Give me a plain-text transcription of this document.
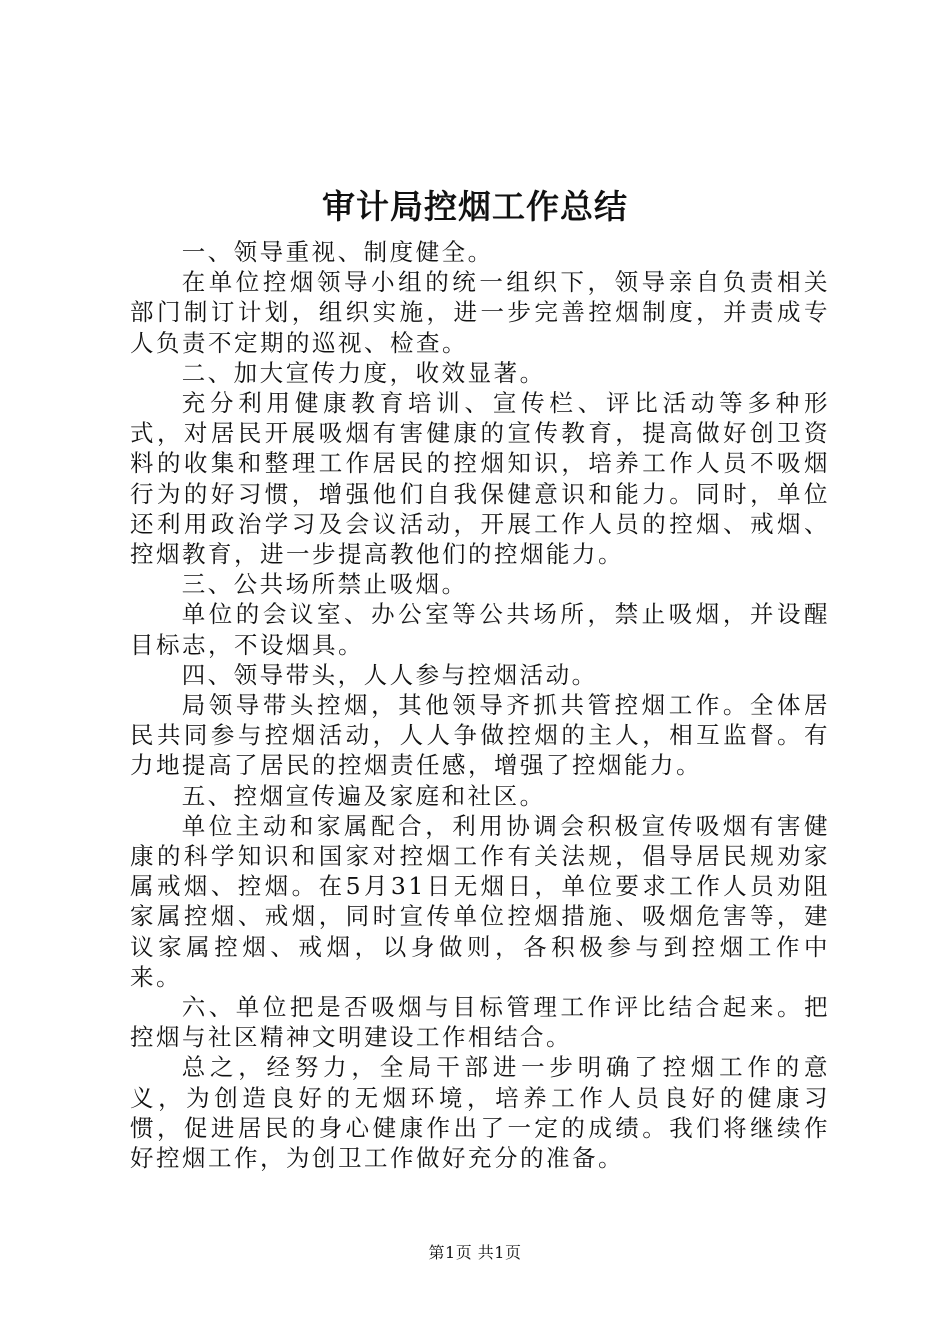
审计局控烟工作总结

一、领导重视、制度健全。

在单位控烟领导小组的统一组织下，领导亲自负责相关部门制订计划，组织实施，进一步完善控烟制度，并责成专人负责不定期的巡视、检查。

二、加大宣传力度，收效显著。

充分利用健康教育培训、宣传栏、评比活动等多种形式，对居民开展吸烟有害健康的宣传教育，提高做好创卫资料的收集和整理工作居民的控烟知识，培养工作人员不吸烟行为的好习惯，增强他们自我保健意识和能力。同时，单位还利用政治学习及会议活动，开展工作人员的控烟、戒烟、控烟教育，进一步提高教他们的控烟能力。

三、公共场所禁止吸烟。

单位的会议室、办公室等公共场所，禁止吸烟，并设醒目标志，不设烟具。

四、领导带头，人人参与控烟活动。

局领导带头控烟，其他领导齐抓共管控烟工作。全体居民共同参与控烟活动，人人争做控烟的主人，相互监督。有力地提高了居民的控烟责任感，增强了控烟能力。

五、控烟宣传遍及家庭和社区。

单位主动和家属配合，利用协调会积极宣传吸烟有害健康的科学知识和国家对控烟工作有关法规，倡导居民规劝家属戒烟、控烟。在5月31日无烟日，单位要求工作人员劝阻家属控烟、戒烟，同时宣传单位控烟措施、吸烟危害等，建议家属控烟、戒烟，以身做则，各积极参与到控烟工作中来。

六、单位把是否吸烟与目标管理工作评比结合起来。把控烟与社区精神文明建设工作相结合。

总之，经努力，全局干部进一步明确了控烟工作的意义，为创造良好的无烟环境，培养工作人员良好的健康习惯，促进居民的身心健康作出了一定的成绩。我们将继续作好控烟工作，为创卫工作做好充分的准备。

第1页 共1页
